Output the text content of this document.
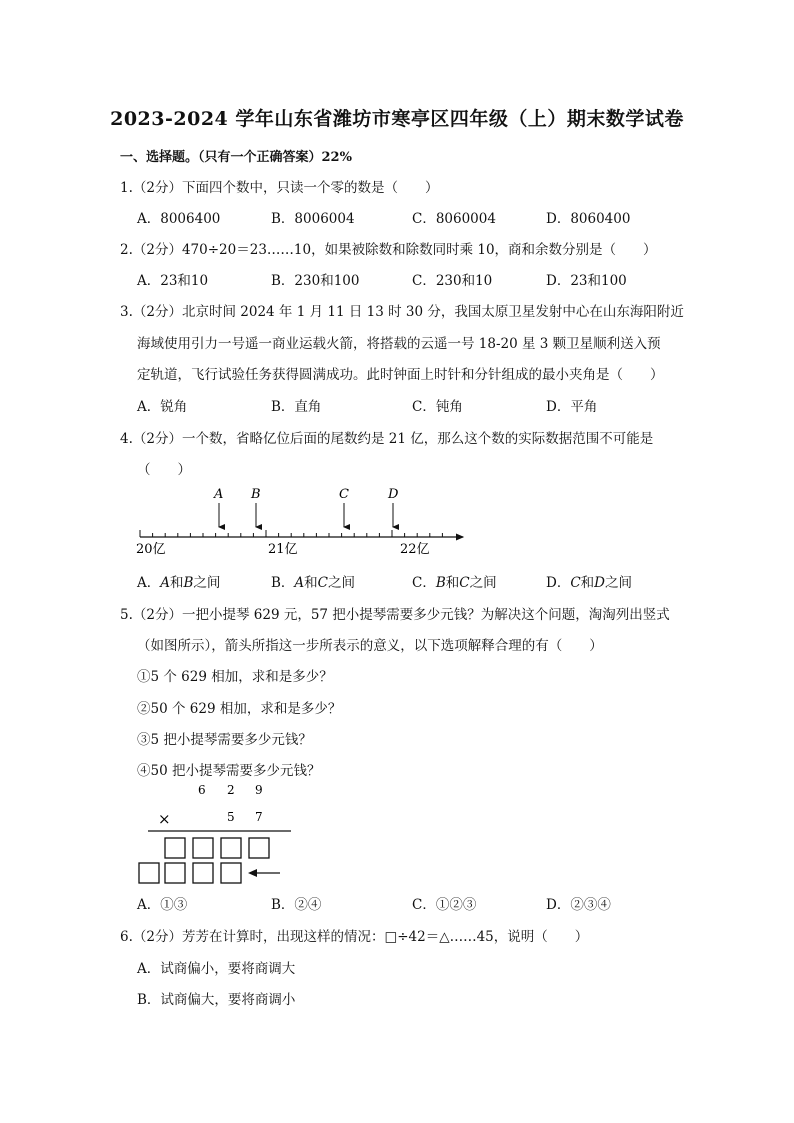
2023-2024 学年山东省潍坊市寒亭区四年级（上）期末数学试卷
一、选择题。（只有一个正确答案）22%
1.（2分）下面四个数中，只读一个零的数是（　　）
A．8006400	B．8006004	C．8060004	D．8060400
2.（2分）470÷20＝23……10，如果被除数和除数同时乘 10，商和余数分别是（　　）
A．23和10	B．230和100	C．230和10	D．23和100
3.（2分）北京时间 2024 年 1 月 11 日 13 时 30 分，我国太原卫星发射中心在山东海阳附近
海域使用引力一号遥一商业运载火箭，将搭载的云遥一号 18-20 星 3 颗卫星顺利送入预
定轨道，飞行试验任务获得圆满成功。此时钟面上时针和分针组成的最小夹角是（　　）
A．锐角	B．直角	C．钝角	D．平角
4.（2分）一个数，省略亿位后面的尾数约是 21 亿，那么这个数的实际数据范围不可能是
（　　）
A B	C	D
20亿	21亿	22亿
A．A和B之间	B．A和C之间	C．B和C之间	D．C和D之间
5.（2分）一把小提琴 629 元，57 把小提琴需要多少元钱？为解决这个问题，淘淘列出竖式
（如图所示），箭头所指这一步所表示的意义，以下选项解释合理的有（　　）
①5 个 629 相加，求和是多少？
②50 个 629 相加，求和是多少？
③5 把小提琴需要多少元钱？
④50 把小提琴需要多少元钱？
6 2 9
×	5 7
A．①③	B．②④	C．①②③	D．②③④
6.（2分）芳芳在计算时，出现这样的情况：□÷42＝△……45，说明（　　）
A．试商偏小，要将商调大
B．试商偏大，要将商调小
